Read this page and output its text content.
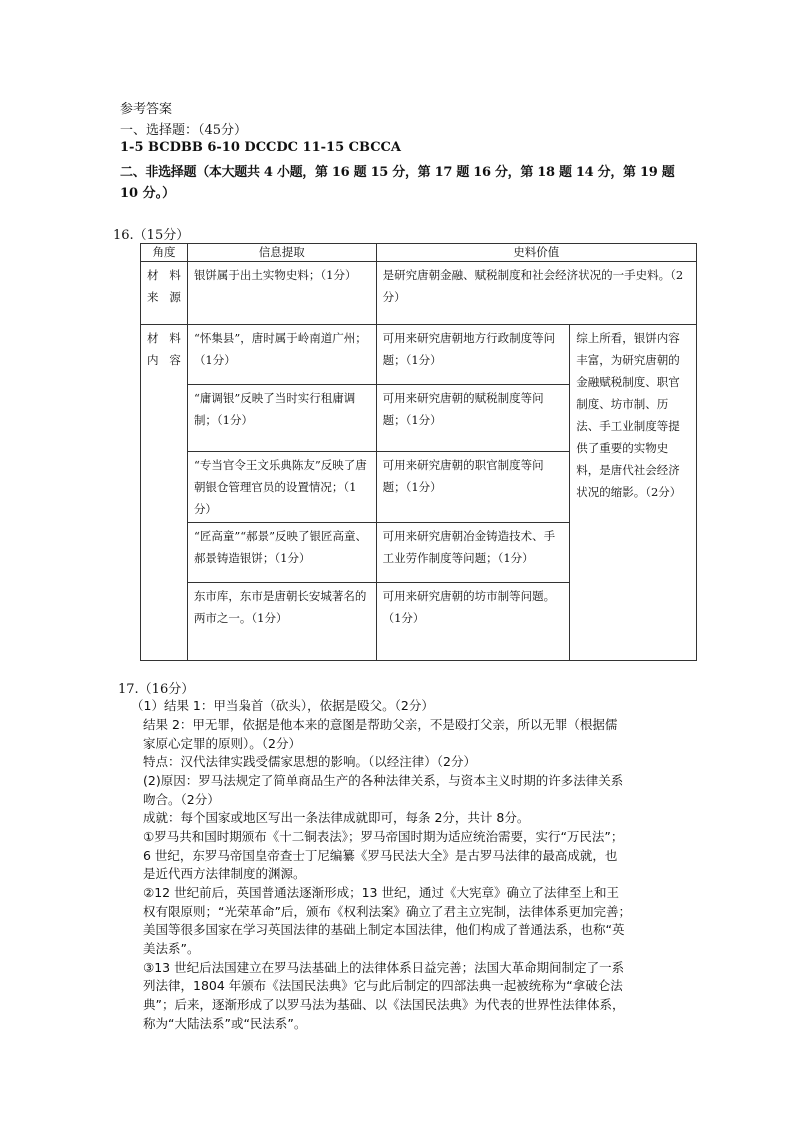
参考答案
一、选择题：（45分）
1-5 BCDBB 6-10 DCCDC 11-15 CBCCA
二、非选择题（本大题共 4 小题，第 16 题 15 分，第 17 题 16 分，第 18 题 14 分，第 19 题
10 分。）
16.（15分）
角度	信息提取	史料价值	
材料来源	银饼属于出土实物史料；（1分）	是研究唐朝金融、赋税制度和社会经济状况的一手史料。（2分）	
材料内容	“怀集县”，唐时属于岭南道广州；（1分）	可用来研究唐朝地方行政制度等问题；（1分）	综上所看，银饼内容丰富，为研究唐朝的金融赋税制度、职官制度、坊市制、历法、手工业制度等提供了重要的实物史料，是唐代社会经济状况的缩影。（2分）
	“庸调银”反映了当时实行租庸调制；（1分）	可用来研究唐朝的赋税制度等问题；（1分）	
	“专当官令王文乐典陈友”反映了唐朝银仓管理官员的设置情况；（1分）	可用来研究唐朝的职官制度等问题；（1分）	
	“匠高童”“郝景”反映了银匠高童、郝景铸造银饼；（1分）	可用来研究唐朝冶金铸造技术、手工业劳作制度等问题；（1分）	
	东市库，东市是唐朝长安城著名的两市之一。（1分）	可用来研究唐朝的坊市制等问题。（1分）	
17.（16分）
（1）结果 1：甲当枭首（砍头），依据是殴父。（2分）
结果 2：甲无罪，依据是他本来的意图是帮助父亲，不是殴打父亲，所以无罪（根据儒
家原心定罪的原则）。（2分）
特点：汉代法律实践受儒家思想的影响。（以经注律）（2分）
(2)原因：罗马法规定了简单商品生产的各种法律关系，与资本主义时期的许多法律关系
吻合。（2分）
成就：每个国家或地区写出一条法律成就即可，每条 2分，共计 8分。
①罗马共和国时期颁布《十二铜表法》；罗马帝国时期为适应统治需要，实行“万民法”；
6 世纪，东罗马帝国皇帝查士丁尼编纂《罗马民法大全》是古罗马法律的最高成就，也
是近代西方法律制度的渊源。
②12 世纪前后，英国普通法逐渐形成；13 世纪，通过《大宪章》确立了法律至上和王
权有限原则；“光荣革命”后，颁布《权利法案》确立了君主立宪制，法律体系更加完善；
美国等很多国家在学习英国法律的基础上制定本国法律，他们构成了普通法系，也称“英
美法系”。
③13 世纪后法国建立在罗马法基础上的法律体系日益完善；法国大革命期间制定了一系
列法律，1804 年颁布《法国民法典》它与此后制定的四部法典一起被统称为“拿破仑法
典”；后来，逐渐形成了以罗马法为基础、以《法国民法典》为代表的世界性法律体系，
称为“大陆法系”或“民法系”。
